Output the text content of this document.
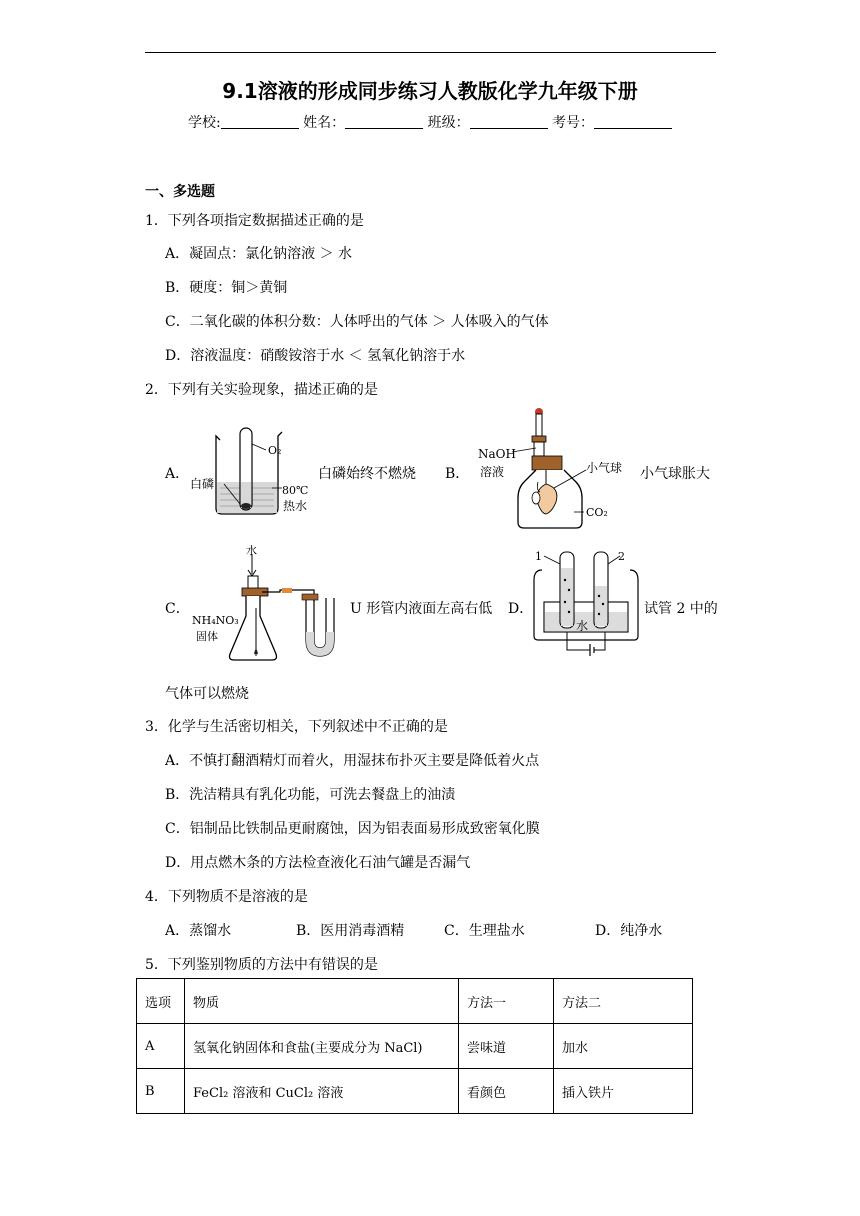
9.1溶液的形成同步练习人教版化学九年级下册
学校:	姓名：	班级：	考号：
一、多选题
1．下列各项指定数据描述正确的是
A．凝固点：氯化钠溶液 ＞ 水
B．硬度：铜＞黄铜
C．二氧化碳的体积分数：人体呼出的气体 ＞ 人体吸入的气体
D．溶液温度：硝酸铵溶于水 ＜ 氢氧化钠溶于水
2．下列有关实验现象，描述正确的是
A．
O₂
白磷	80℃
热水
白磷始终不燃烧 B．
NaOH
溶液	小气球
CO₂
小气球胀大
C．
水
NH₄NO₃
固体
U 形管内液面左高右低 D．
1	2
水
试管 2 中的
气体可以燃烧
3．化学与生活密切相关，下列叙述中不正确的是
A．不慎打翻酒精灯而着火，用湿抹布扑灭主要是降低着火点
B．洗洁精具有乳化功能，可洗去餐盘上的油渍
C．铝制品比铁制品更耐腐蚀，因为铝表面易形成致密氧化膜
D．用点燃木条的方法检查液化石油气罐是否漏气
4．下列物质不是溶液的是
A．蒸馏水	B．医用消毒酒精	C．生理盐水	D．纯净水
5．下列鉴别物质的方法中有错误的是
选项	物质	方法一	方法二
A	氢氧化钠固体和食盐(主要成分为 NaCl)	尝味道	加水
B	FeCl₂ 溶液和 CuCl₂ 溶液	看颜色	插入铁片
